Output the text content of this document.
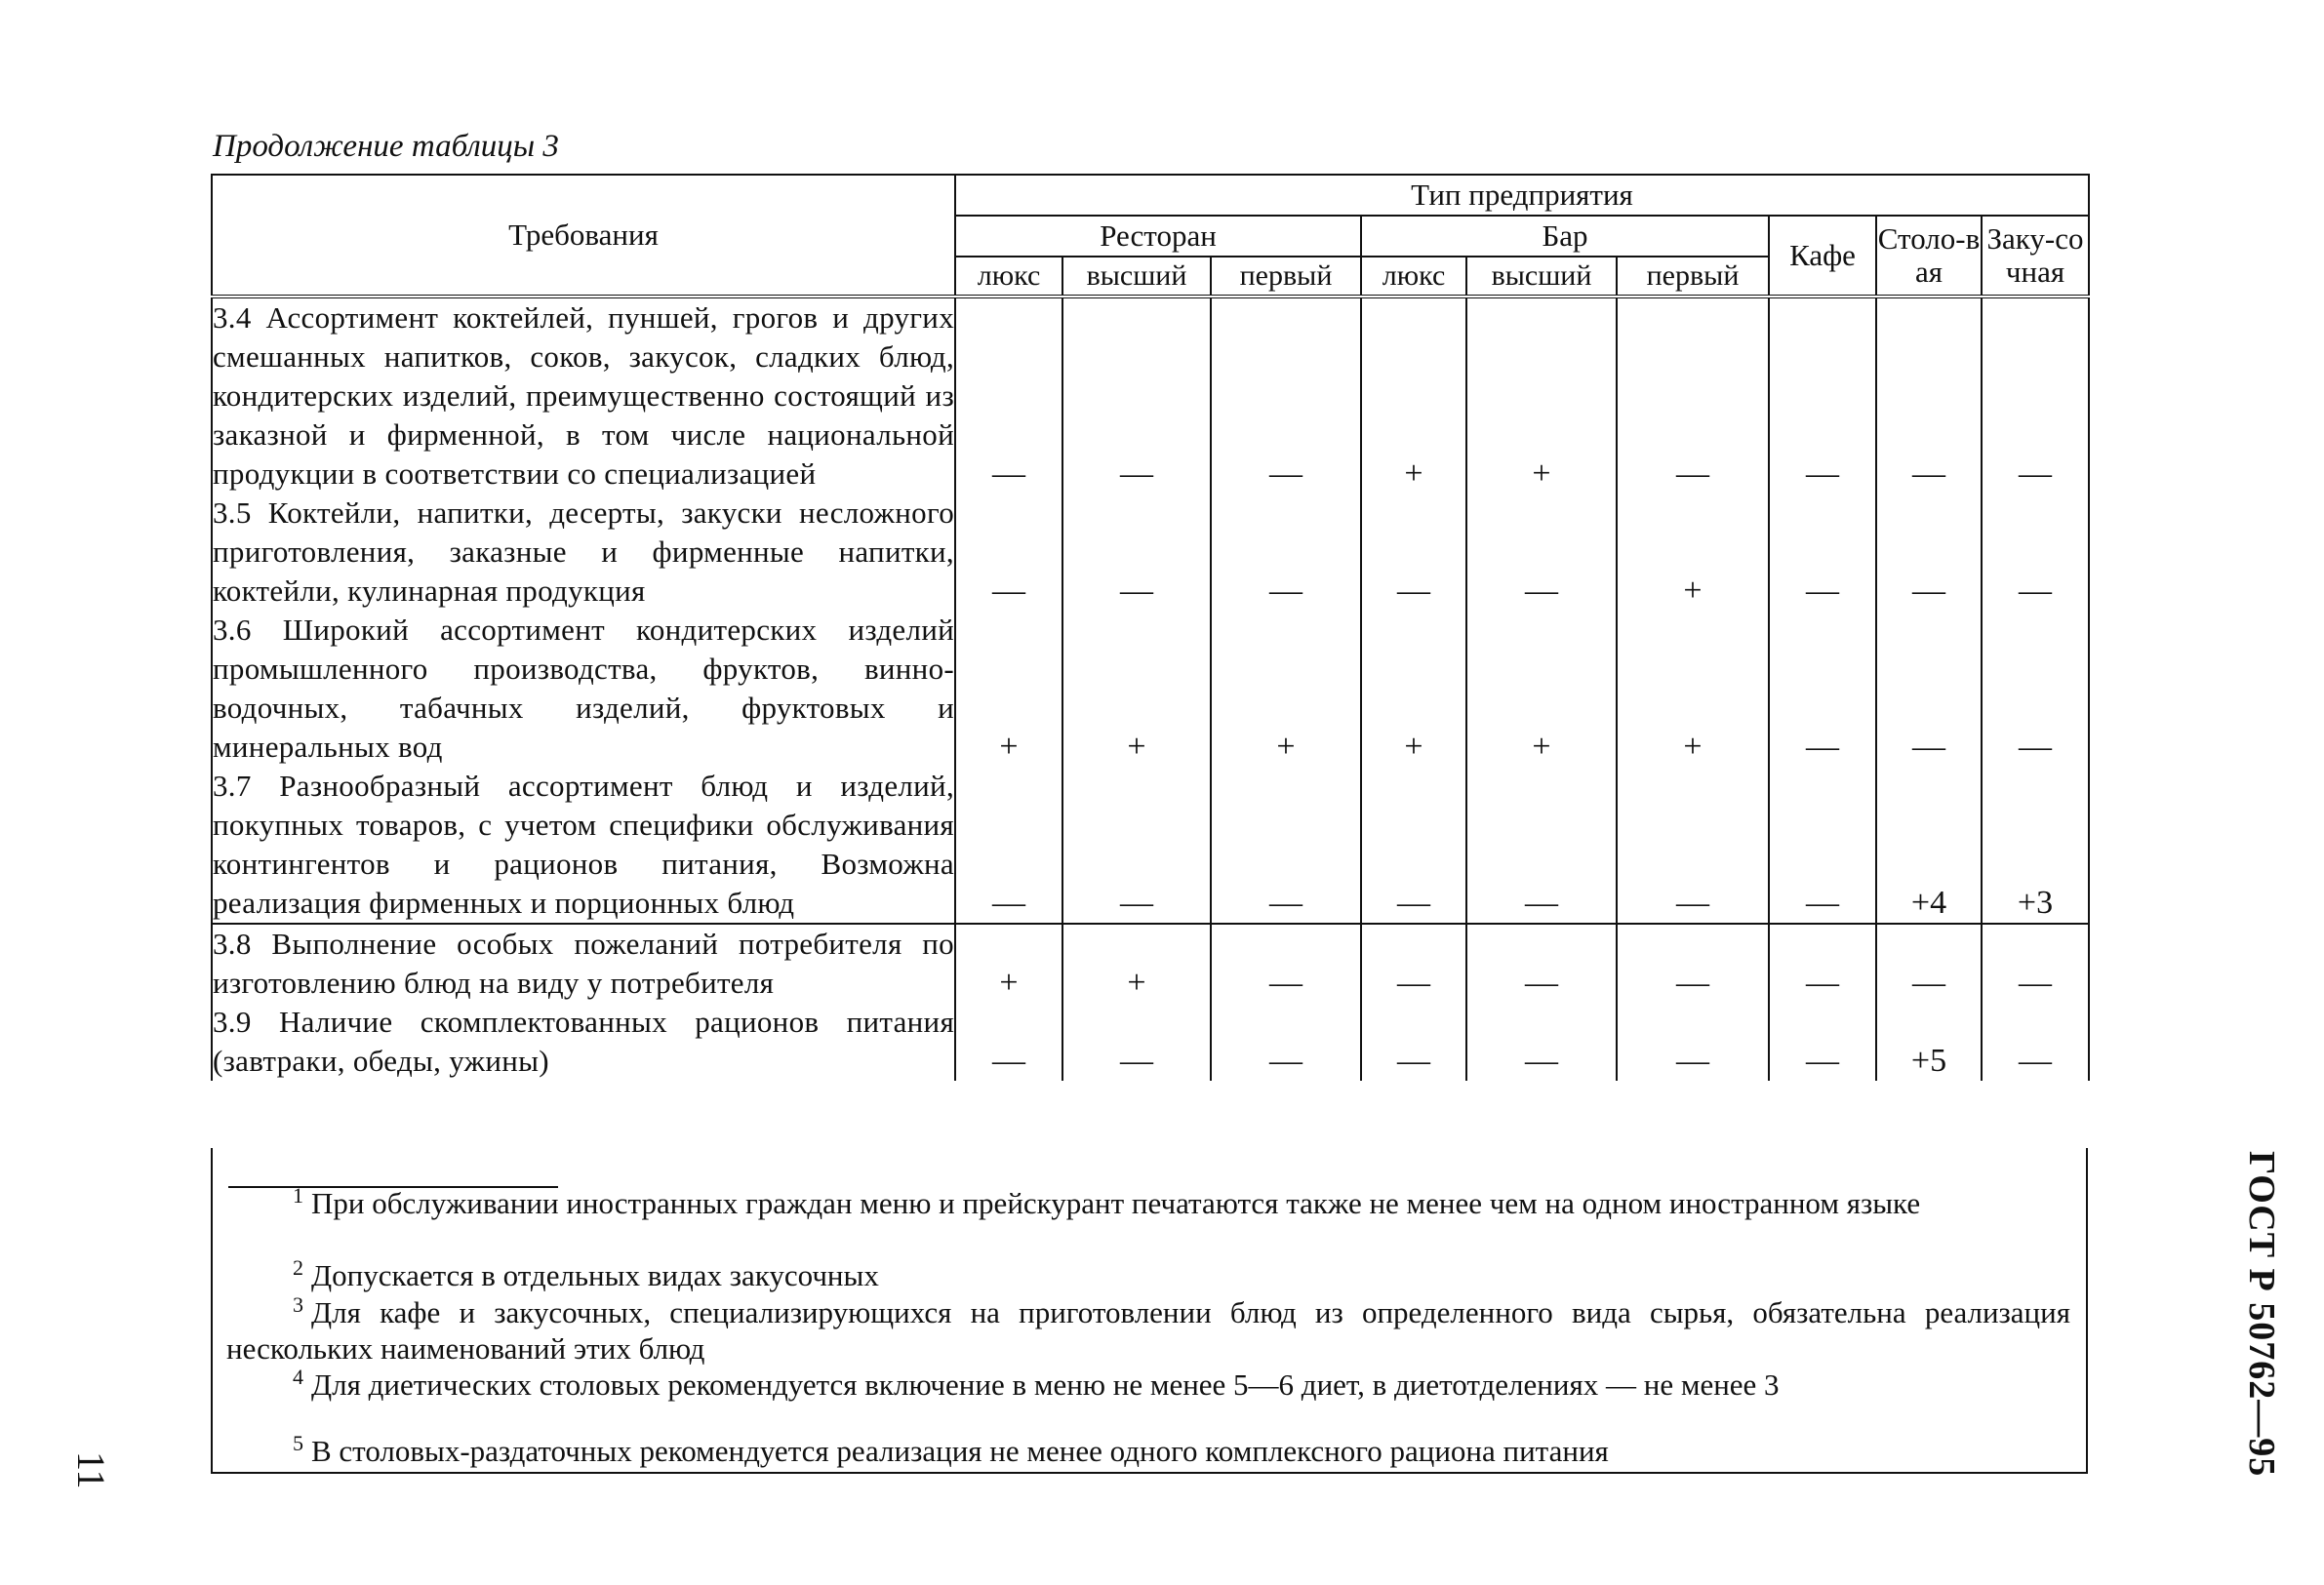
Продолжение таблицы 3
Требования	Тип предприятия								
	Ресторан			Бар			Кафе	Столо-вая	Заку-сочная
	люкс	высший	первый	люкс	высший	первый			
3.4 Ассортимент коктейлей, пуншей, грогов и других смешанных напитков, соков, закусок, сладких блюд, кондитерских изделий, преимущественно состоящий из заказной и фирменной, в том числе национальной продукции в соответствии со специализацией	—	—	—	+	+	—	—	—	—
3.5 Коктейли, напитки, десерты, закуски несложного приготовления, заказные и фирменные напитки, коктейли, кулинарная продукция	—	—	—	—	—	+	—	—	—
3.6 Широкий ассортимент кондитерских изделий промышленного производства, фруктов, винно-водочных, табачных изделий, фруктовых и минеральных вод	+	+	+	+	+	+	—	—	—
3.7 Разнообразный ассортимент блюд и изделий, покупных товаров, с учетом специфики обслуживания контингентов и рационов питания, Возможна реализация фирменных и порционных блюд	—	—	—	—	—	—	—	+4	+3
3.8 Выполнение особых пожеланий потребителя по изготовлению блюд на виду у потребителя	+	+	—	—	—	—	—	—	—
3.9 Наличие скомплектованных рационов питания (завтраки, обеды, ужины)	—	—	—	—	—	—	—	+5	—
$^1$ При обслуживании иностранных граждан меню и прейскурант печатаются также не менее чем на одном иностранном языке
$^2$ Допускается в отдельных видах закусочных
$^3$ Для кафе и закусочных, специализирующихся на приготовлении блюд из определенного вида сырья, обязательна реализация нескольких наименований этих блюд
$^4$ Для диетических столовых рекомендуется включение в меню не менее 5—6 диет, в диетотделениях — не менее 3
$^5$ В столовых-раздаточных рекомендуется реализация не менее одного комплексного рациона питания
11	ГОСТ Р 50762—95
